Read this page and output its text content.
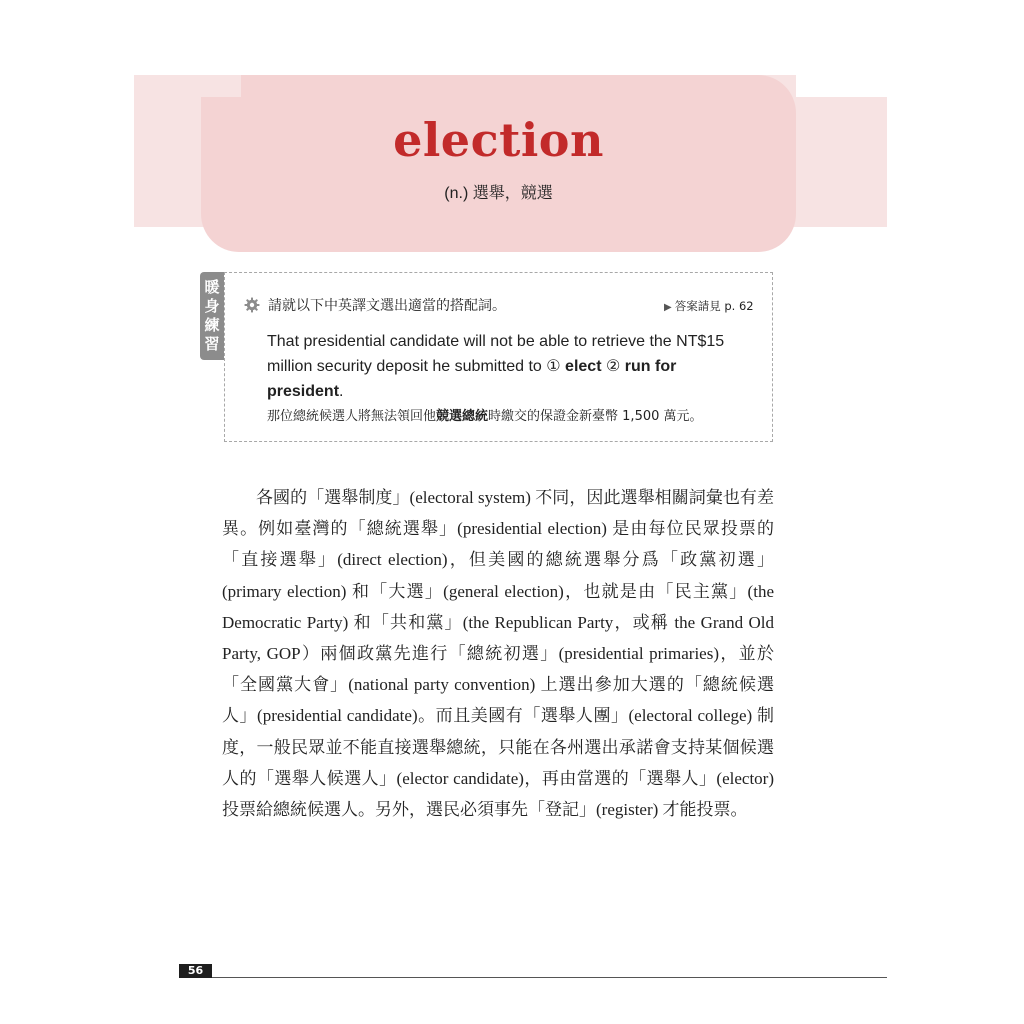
election
(n.) 選舉，競選
暖
身
練
習
請就以下中英譯文選出適當的搭配詞。	▶ 答案請見 p. 62
That presidential candidate will not be able to retrieve the NT$15 million security deposit he submitted to ① elect ② run for president.
那位總統候選人將無法領回他競選總統時繳交的保證金新臺幣 1,500 萬元。

各國的「選舉制度」(electoral system) 不同，因此選舉相關詞彙也有差異。例如臺灣的「總統選舉」(presidential election) 是由每位民眾投票的「直接選舉」(direct election)，但美國的總統選舉分爲「政黨初選」(primary election) 和「大選」(general election)，也就是由「民主黨」(the Democratic Party) 和「共和黨」(the Republican Party，或稱 the Grand Old Party, GOP）兩個政黨先進行「總統初選」(presidential primaries)，並於「全國黨大會」(national party convention) 上選出參加大選的「總統候選人」(presidential candidate)。而且美國有「選舉人團」(electoral college) 制度，一般民眾並不能直接選舉總統，只能在各州選出承諾會支持某個候選人的「選舉人候選人」(elector candidate)，再由當選的「選舉人」(elector) 投票給總統候選人。另外，選民必須事先「登記」(register) 才能投票。

56
